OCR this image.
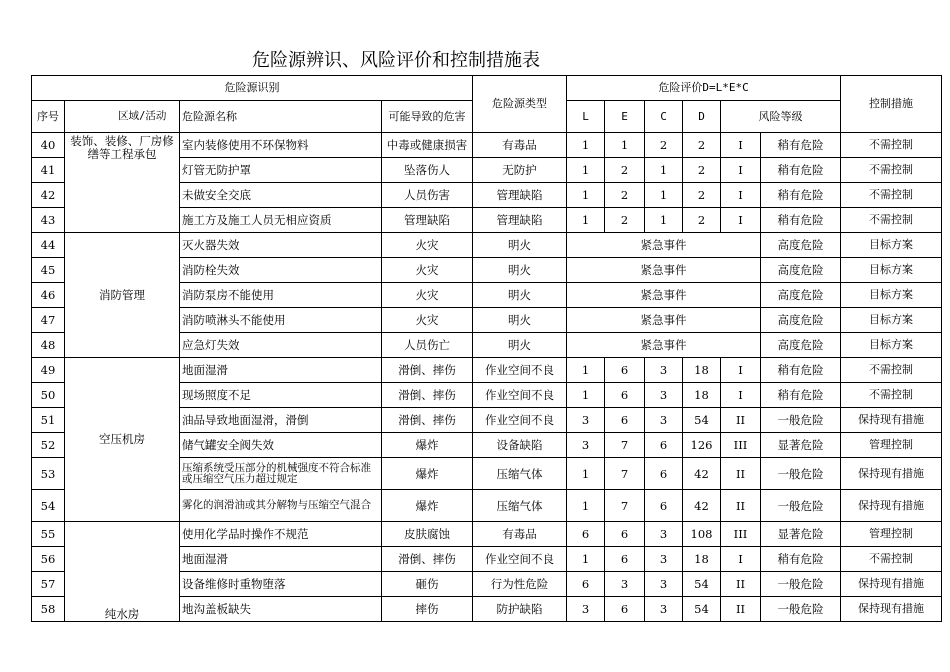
危险源辨识、风险评价和控制措施表
危险源识别					危险源类型	危险评价D=L*E*C						控制措施
序号		区域/活动	危险源名称	可能导致的危害		L	E	C	D	风险等级		
40	装饰、装修、厂房修缮等工程承包		室内装修使用不环保物料	中毒或健康损害	有毒品	1	1	2	2	I	稍有危险	不需控制
41			灯管无防护罩	坠落伤人	无防护	1	2	1	2	I	稍有危险	不需控制
42			未做安全交底	人员伤害	管理缺陷	1	2	1	2	I	稍有危险	不需控制
43			施工方及施工人员无相应资质	管理缺陷	管理缺陷	1	2	1	2	I	稍有危险	不需控制
44	消防管理		灭火器失效	火灾	明火	紧急事件					高度危险	目标方案
45			消防栓失效	火灾	明火	紧急事件					高度危险	目标方案
46			消防泵房不能使用	火灾	明火	紧急事件					高度危险	目标方案
47			消防喷淋头不能使用	火灾	明火	紧急事件					高度危险	目标方案
48			应急灯失效	人员伤亡	明火	紧急事件					高度危险	目标方案
49	空压机房		地面湿滑	滑倒、摔伤	作业空间不良	1	6	3	18	I	稍有危险	不需控制
50			现场照度不足	滑倒、摔伤	作业空间不良	1	6	3	18	I	稍有危险	不需控制
51			油品导致地面湿滑，滑倒	滑倒、摔伤	作业空间不良	3	6	3	54	II	一般危险	保持现有措施
52			储气罐安全阀失效	爆炸	设备缺陷	3	7	6	126	III	显著危险	管理控制
53			压缩系统受压部分的机械强度不符合标准或压缩空气压力超过规定	爆炸	压缩气体	1	7	6	42	II	一般危险	保持现有措施
54			雾化的润滑油或其分解物与压缩空气混合	爆炸	压缩气体	1	7	6	42	II	一般危险	保持现有措施
55	纯水房		使用化学品时操作不规范	皮肤腐蚀	有毒品	6	6	3	108	III	显著危险	管理控制
56			地面湿滑	滑倒、摔伤	作业空间不良	1	6	3	18	I	稍有危险	不需控制
57			设备维修时重物堕落	砸伤	行为性危险	6	3	3	54	II	一般危险	保持现有措施
58			地沟盖板缺失	摔伤	防护缺陷	3	6	3	54	II	一般危险	保持现有措施
